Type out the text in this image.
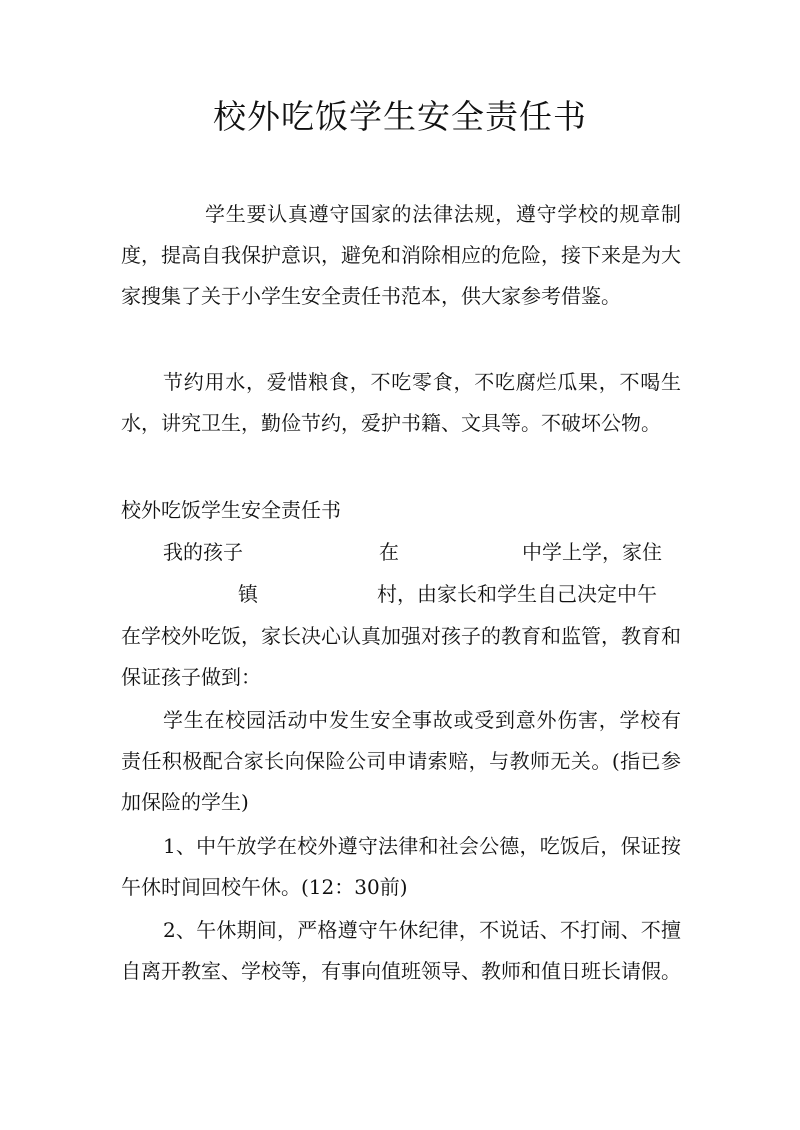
校外吃饭学生安全责任书
学生要认真遵守国家的法律法规，遵守学校的规章制度，提高自我保护意识，避免和消除相应的危险，接下来是为大家搜集了关于小学生安全责任书范本，供大家参考借鉴。
节约用水，爱惜粮食，不吃零食，不吃腐烂瓜果，不喝生水，讲究卫生，勤俭节约，爱护书籍、文具等。不破坏公物。
校外吃饭学生安全责任书
我的孩子	在	中学上学，家住
镇	村，由家长和学生自己决定中午
在学校外吃饭，家长决心认真加强对孩子的教育和监管，教育和保证孩子做到：
学生在校园活动中发生安全事故或受到意外伤害，学校有责任积极配合家长向保险公司申请索赔，与教师无关。(指已参加保险的学生)
1、中午放学在校外遵守法律和社会公德，吃饭后，保证按午休时间回校午休。(12：30前)
2、午休期间，严格遵守午休纪律，不说话、不打闹、不擅自离开教室、学校等，有事向值班领导、教师和值日班长请假。
